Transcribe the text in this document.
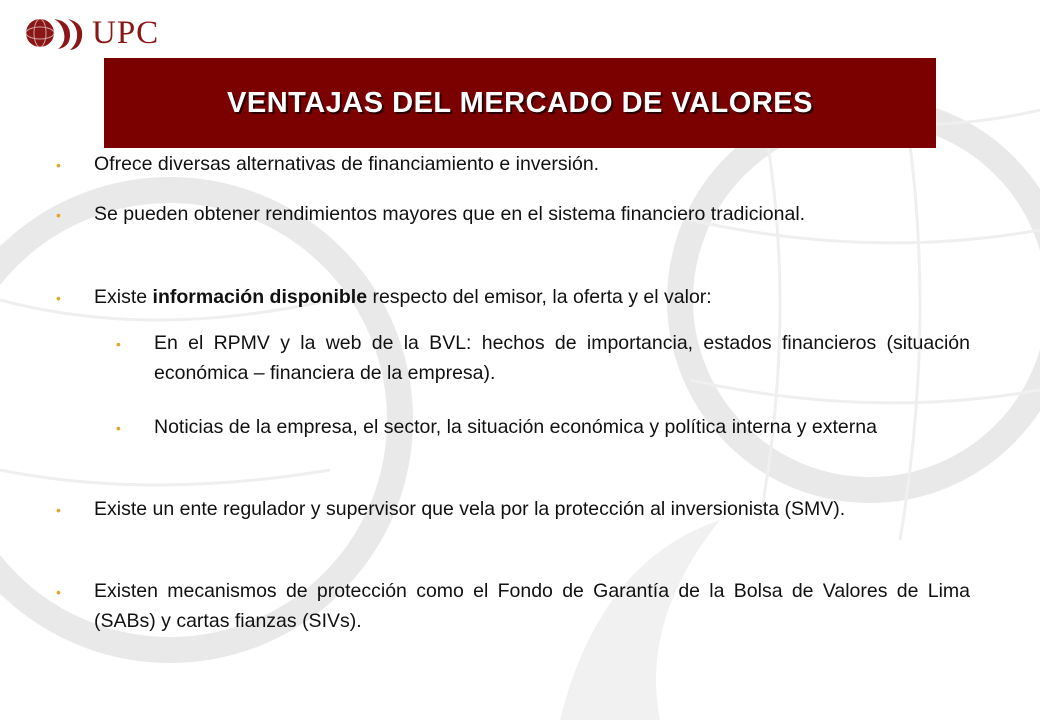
UPC
VENTAJAS DEL MERCADO DE VALORES
• Ofrece diversas alternativas de financiamiento e inversión.
• Se pueden obtener rendimientos mayores que en el sistema financiero tradicional.
• Existe información disponible respecto del emisor, la oferta y el valor:
• En el RPMV y la web de la BVL: hechos de importancia, estados financieros (situación económica – financiera de la empresa).
• Noticias de la empresa, el sector, la situación económica y política interna y externa
• Existe un ente regulador y supervisor que vela por la protección al inversionista (SMV).
• Existen mecanismos de protección como el Fondo de Garantía de la Bolsa de Valores de Lima (SABs) y cartas fianzas (SIVs).
